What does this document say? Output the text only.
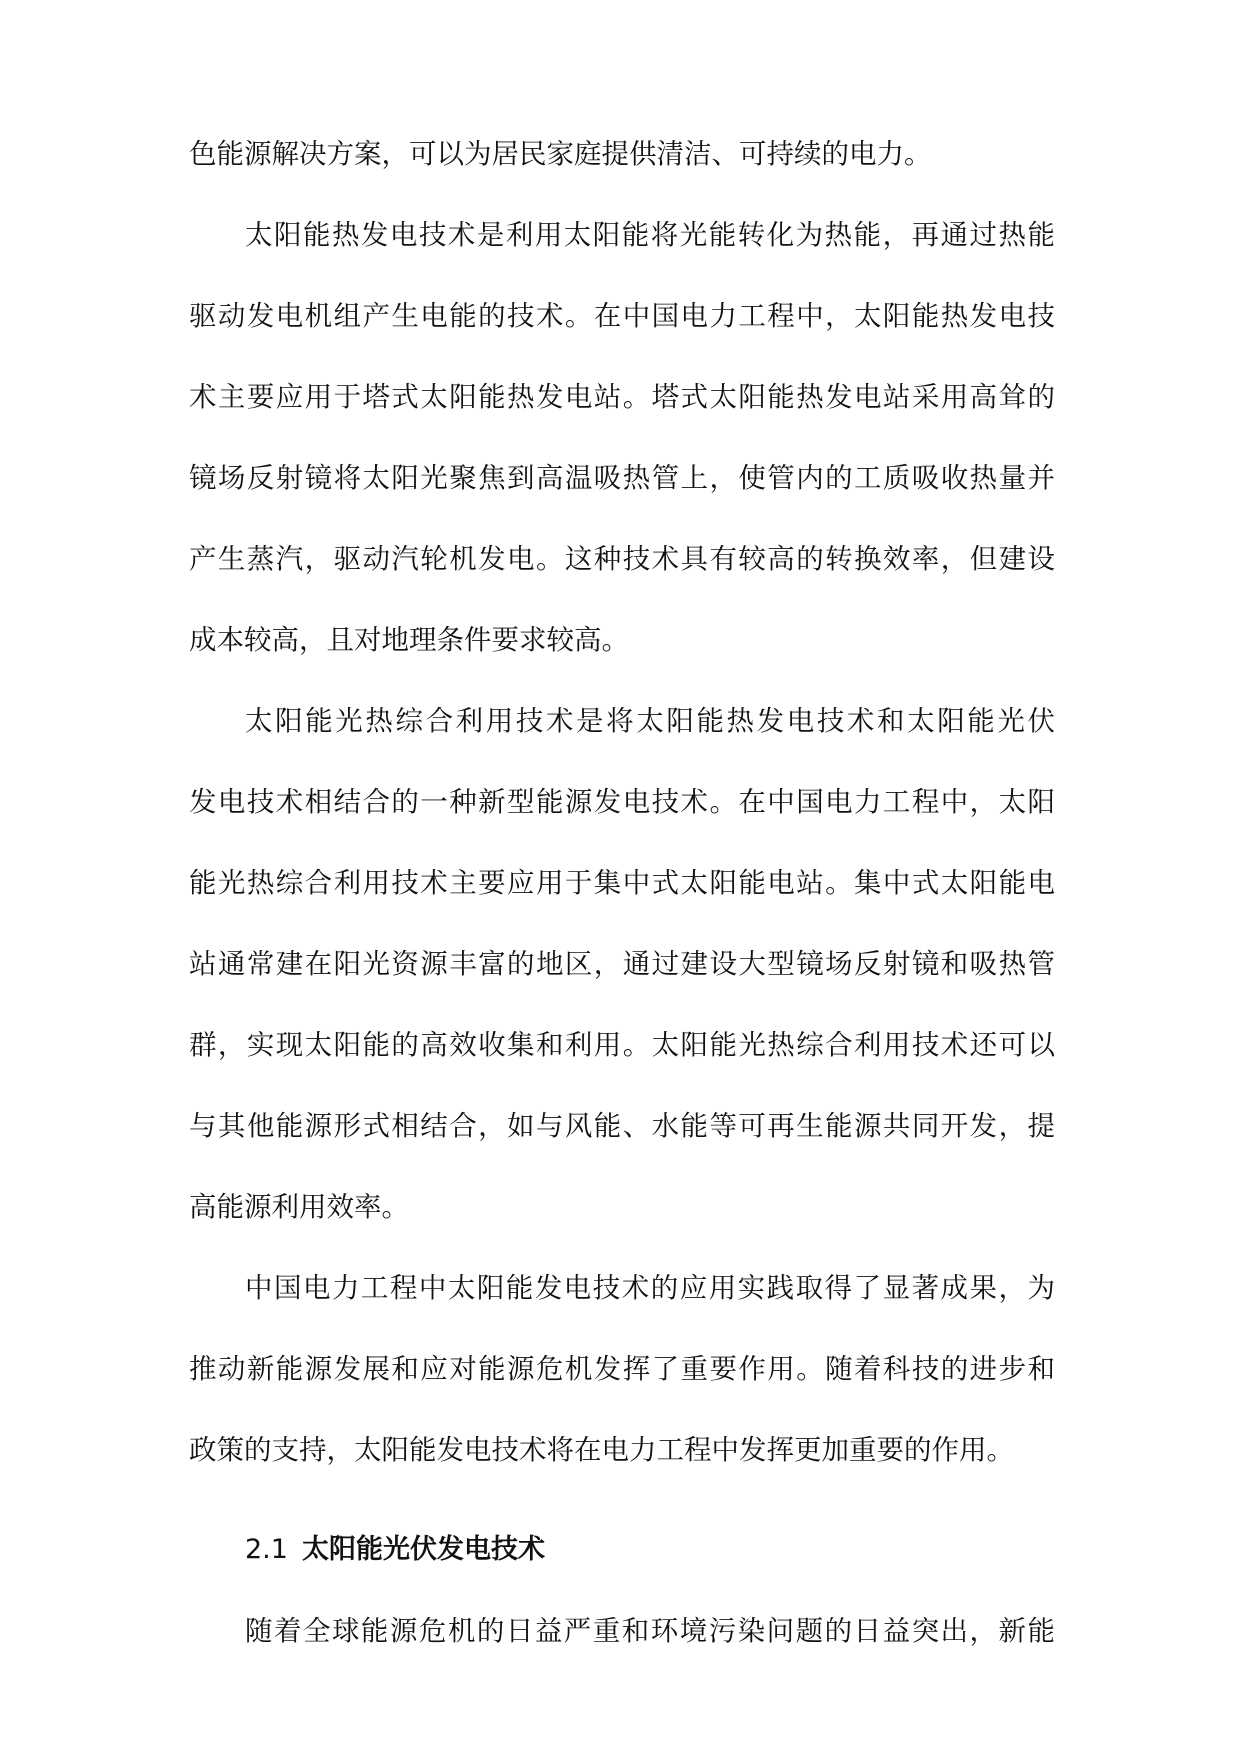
色能源解决方案，可以为居民家庭提供清洁、可持续的电力。
太阳能热发电技术是利用太阳能将光能转化为热能，再通过热能
驱动发电机组产生电能的技术。在中国电力工程中，太阳能热发电技
术主要应用于塔式太阳能热发电站。塔式太阳能热发电站采用高耸的
镜场反射镜将太阳光聚焦到高温吸热管上，使管内的工质吸收热量并
产生蒸汽，驱动汽轮机发电。这种技术具有较高的转换效率，但建设
成本较高，且对地理条件要求较高。
太阳能光热综合利用技术是将太阳能热发电技术和太阳能光伏
发电技术相结合的一种新型能源发电技术。在中国电力工程中，太阳
能光热综合利用技术主要应用于集中式太阳能电站。集中式太阳能电
站通常建在阳光资源丰富的地区，通过建设大型镜场反射镜和吸热管
群，实现太阳能的高效收集和利用。太阳能光热综合利用技术还可以
与其他能源形式相结合，如与风能、水能等可再生能源共同开发，提
高能源利用效率。
中国电力工程中太阳能发电技术的应用实践取得了显著成果，为
推动新能源发展和应对能源危机发挥了重要作用。随着科技的进步和
2.1 太阳能光伏发电技术
随着全球能源危机的日益严重和环境污染问题的日益突出，新能
政策的支持，太阳能发电技术将在电力工程中发挥更加重要的作用。
